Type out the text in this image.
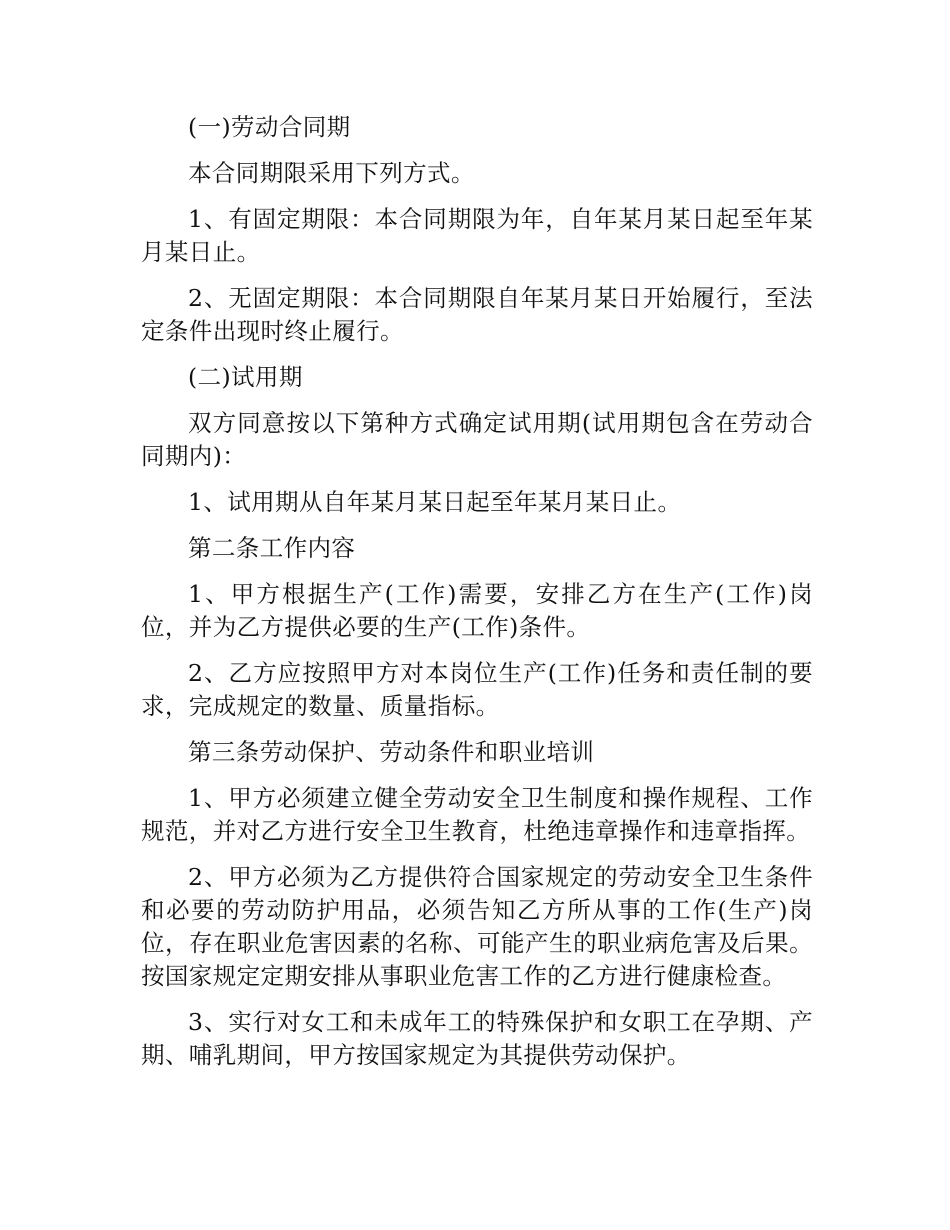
(一)劳动合同期

本合同期限采用下列方式。

1、有固定期限：本合同期限为年，自年某月某日起至年某月某日止。

2、无固定期限：本合同期限自年某月某日开始履行，至法定条件出现时终止履行。

(二)试用期

双方同意按以下第种方式确定试用期(试用期包含在劳动合同期内)：

1、试用期从自年某月某日起至年某月某日止。

第二条工作内容

1、甲方根据生产(工作)需要，安排乙方在生产(工作)岗位，并为乙方提供必要的生产(工作)条件。

2、乙方应按照甲方对本岗位生产(工作)任务和责任制的要求，完成规定的数量、质量指标。

第三条劳动保护、劳动条件和职业培训

1、甲方必须建立健全劳动安全卫生制度和操作规程、工作规范，并对乙方进行安全卫生教育，杜绝违章操作和违章指挥。

2、甲方必须为乙方提供符合国家规定的劳动安全卫生条件和必要的劳动防护用品，必须告知乙方所从事的工作(生产)岗位，存在职业危害因素的名称、可能产生的职业病危害及后果。按国家规定定期安排从事职业危害工作的乙方进行健康检查。

3、实行对女工和未成年工的特殊保护和女职工在孕期、产期、哺乳期间，甲方按国家规定为其提供劳动保护。
